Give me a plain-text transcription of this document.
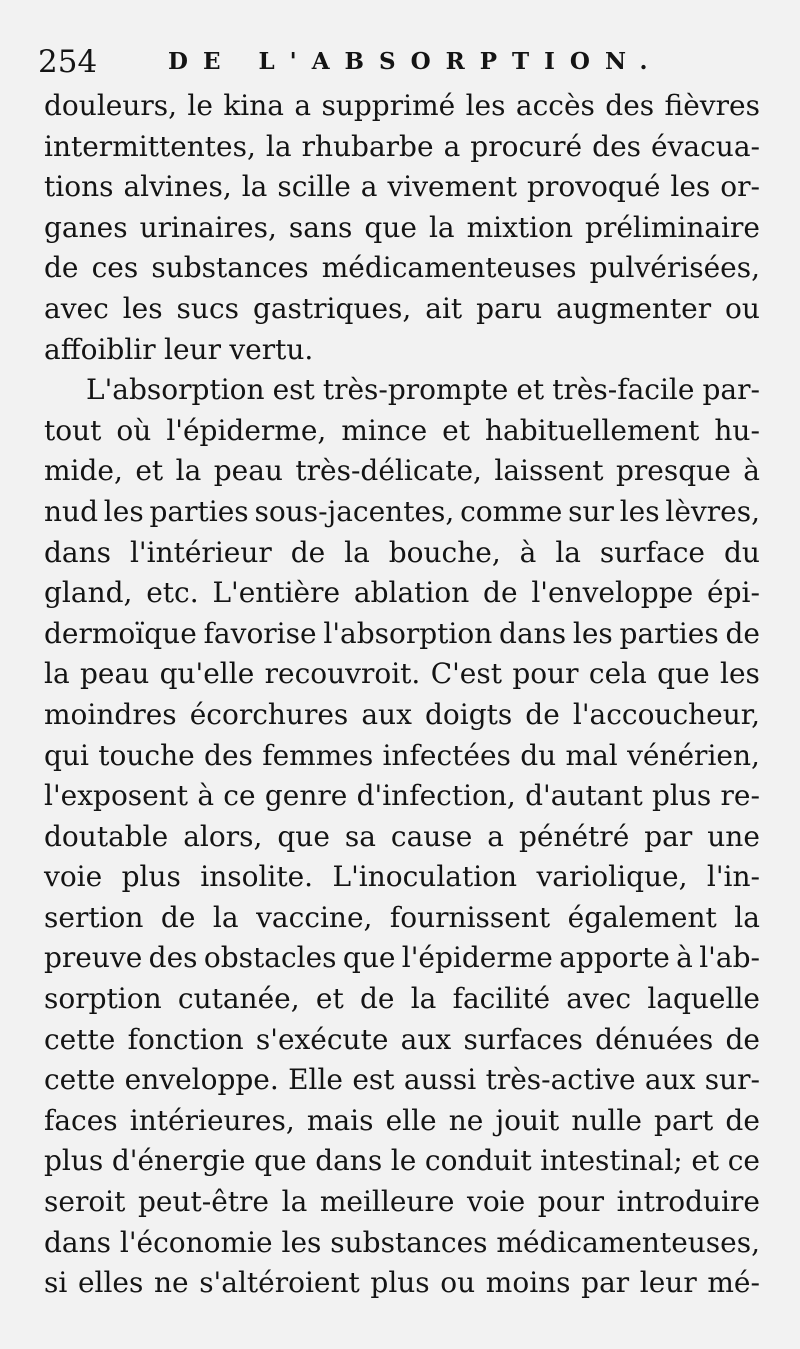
254	DE L'ABSORPTION.
douleurs, le kina a supprimé les accès des fièvres
intermittentes, la rhubarbe a procuré des évacua-
tions alvines, la scille a vivement provoqué les or-
ganes urinaires, sans que la mixtion préliminaire
de ces substances médicamenteuses pulvérisées,
avec les sucs gastriques, ait paru augmenter ou
affoiblir leur vertu.
L'absorption est très-prompte et très-facile par-
tout où l'épiderme, mince et habituellement hu-
mide, et la peau très-délicate, laissent presque à
nud les parties sous-jacentes, comme sur les lèvres,
dans l'intérieur de la bouche, à la surface du
gland, etc. L'entière ablation de l'enveloppe épi-
dermoïque favorise l'absorption dans les parties de
la peau qu'elle recouvroit. C'est pour cela que les
moindres écorchures aux doigts de l'accoucheur,
qui touche des femmes infectées du mal vénérien,
l'exposent à ce genre d'infection, d'autant plus re-
doutable alors, que sa cause a pénétré par une
voie plus insolite. L'inoculation variolique, l'in-
sertion de la vaccine, fournissent également la
preuve des obstacles que l'épiderme apporte à l'ab-
sorption cutanée, et de la facilité avec laquelle
cette fonction s'exécute aux surfaces dénuées de
cette enveloppe. Elle est aussi très-active aux sur-
faces intérieures, mais elle ne jouit nulle part de
plus d'énergie que dans le conduit intestinal; et ce
seroit peut-être la meilleure voie pour introduire
dans l'économie les substances médicamenteuses,
si elles ne s'altéroient plus ou moins par leur mé-
